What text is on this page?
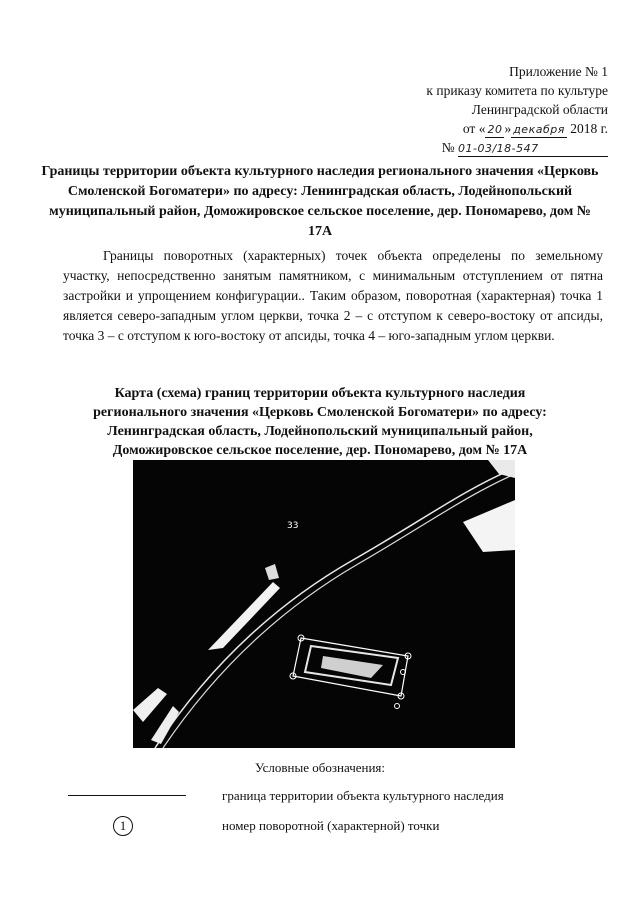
Приложение № 1
к приказу комитета по культуре
Ленинградской области
от « 20 » декабря 2018 г.
№ 01-03/18-547
Границы территории объекта культурного наследия регионального значения «Церковь Смоленской Богоматери» по адресу: Ленинградская область, Лодейнопольский муниципальный район, Доможировское сельское поселение, дер. Пономарево, дом № 17А
Границы поворотных (характерных) точек объекта определены по земельному участку, непосредственно занятым памятником, с минимальным отступлением от пятна застройки и упрощением конфигурации.. Таким образом, поворотная (характерная) точка 1 является северо-западным углом церкви, точка 2 – с отступом к северо-востоку от апсиды, точка 3 – с отступом к юго-востоку от апсиды, точка 4 – юго-западным углом церкви.
Карта (схема) границ территории объекта культурного наследия регионального значения «Церковь Смоленской Богоматери» по адресу: Ленинградская область, Лодейнопольский муниципальный район, Доможировское сельское поселение, дер. Пономарево, дом № 17А
33
Условные обозначения:
граница территории объекта культурного наследия
1	номер поворотной (характерной) точки
